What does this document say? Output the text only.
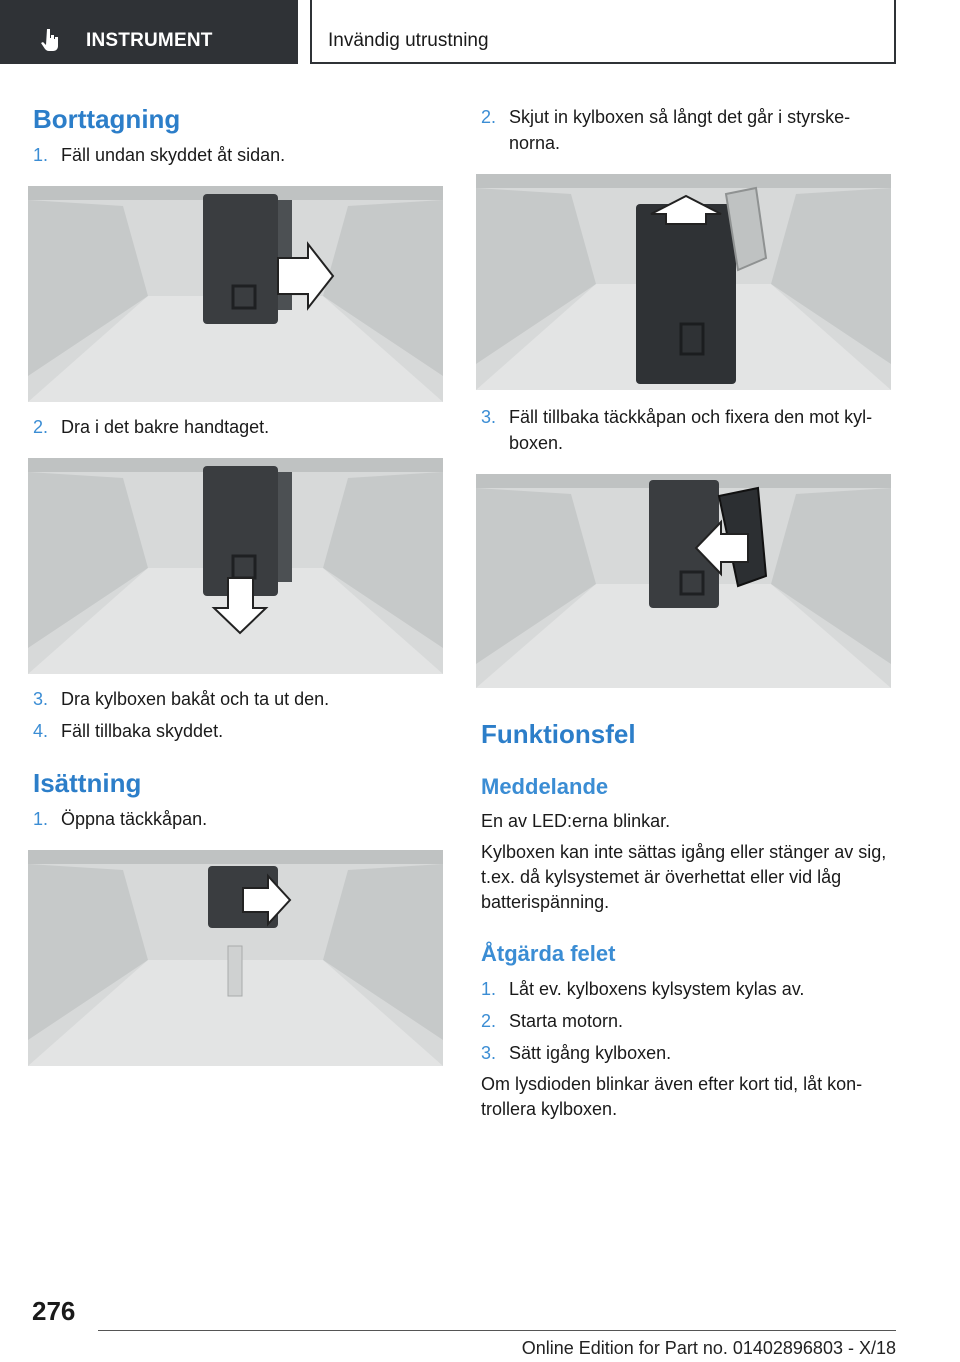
INSTRUMENT	Invändig utrustning
Borttagning
1. Fäll undan skyddet åt sidan.
2. Dra i det bakre handtaget.
3. Dra kylboxen bakåt och ta ut den.
4. Fäll tillbaka skyddet.
Isättning
1. Öppna täckkåpan.
2. Skjut in kylboxen så långt det går i styrske‐ norna.
3. Fäll tillbaka täckkåpan och fixera den mot kyl‐ boxen.
Funktionsfel
Meddelande
En av LED:erna blinkar.
Kylboxen kan inte sättas igång eller stänger av sig, t.ex. då kylsystemet är överhettat eller vid låg batterispänning.
Åtgärda felet
1. Låt ev. kylboxens kylsystem kylas av.
2. Starta motorn.
3. Sätt igång kylboxen.
Om lysdioden blinkar även efter kort tid, låt kon‐ trollera kylboxen.
276
Online Edition for Part no. 01402896803 - X/18
